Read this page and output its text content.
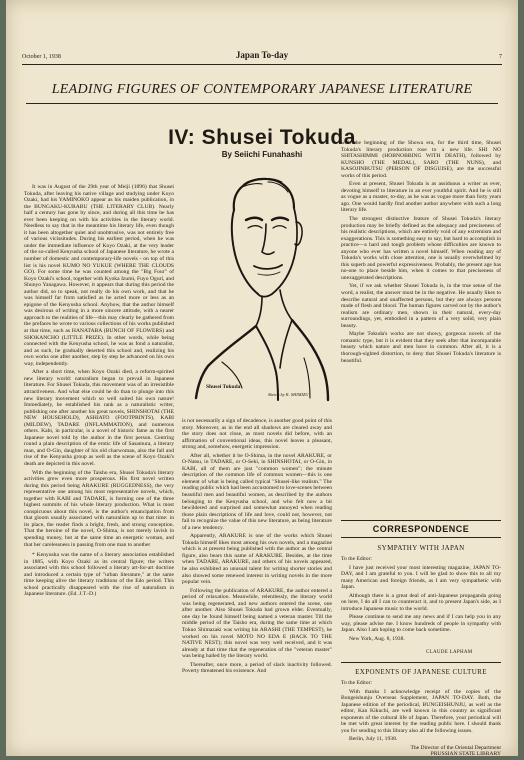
October 1, 1938	Japan To-day	7
LEADING FIGURES OF CONTEMPORARY JAPANESE LITERATURE
IV: Shusei Tokuda
By Seiichi Funahashi

It was in August of the 29th year of Meiji (1896) that Shusei Tokuda, after leaving his native village and studying under Koyo Ozaki, had his YAMINOKO appear as his maiden publication, in the BUNGAKU-KURABU (THE LITERARY CLUB). Nearly half a century has gone by since, and during all this time he has ever been keeping on with his activities in the literary world. Needless to say that in the meantime his literary life, even though it has been altogether quiet and unobtrusive, was not entirely free of various vicissitudes. During his earliest period, when he was under the immediate influence of Koyo Ozaki, at the very leader of the so-called Kenyusha school of Japanese literature, he wrote a number of domestic and contemporary-life novels - on top of this list is his novel KUMO NO YUKUE (WHERE THE CLOUDS GO). For some time he was counted among the "Big Four" of Koyo Ozaki's school, together with Kyoka Izumi, Fuyo Oguri, and Shunyo Yanagawa. However, it appears that during this period the author did, so to speak, not really do his own work, and that he was himself far from satisfied as he acted more or less as an epigone of the Kenyusha school. Anyhow, that the author himself was desirous of writing in a more sincere attitude, with a nearer approach to the realities of life—this may clearly be gathered from the prefaces he wrote to various collections of his works published at that time, such as HANATABA (BUNCH OF FLOWERS) and SHOKANCHO (LITTLE PRIZE). In other words, while being connected with the Kenyusha school, he was as fond a naturalist, and as such, he gradually deserted this school and, realizing his own works one after another, step by step he advanced on his own way, independently.

After a short time, when Koyo Ozaki died, a reform-spirited new literary world: naturalism began to prevail in Japanese literature. For Shusei Tokuda, this movement was of an irresistible attractiveness. And what else could he do than to plunge into this new literary movement which so well suited his own nature! Immediately, he established his rank as a naturalistic writer, publishing one after another his great novels, SHINSHOTAI (THE NEW HOUSEHOLD), ASHIATO (FOOTPRINTS), KABI (MILDEW), TADARE (INFLAMMATION), and numerous others. Kabi, in particular, is a novel of historic fame as the first Japanese novel told by the author in the first person. Centring round a plain description of the erotic life of Sasamura, a literary man, and O-Gin, daughter of his old charwoman, also the fall and rise of the Kenyusha group as well as the scene of Koyo Ozaki's death are depicted in this novel.

With the beginning of the Taisho era, Shusei Tokuda's literary activities grew even more prosperous. His first novel written during this period being ARAKURE (RUGGEDNESS), the very representative one among his most representative novels, which, together with KABI and TADARE, is forming one of the three highest summits of his whole literary production. What is most conspicuous about this novel, is the author's emancipation from that gloom usually associated with naturalism up to that time: in its place, the reader finds a bright, fresh, and strong conception. That the heroine of the novel, O-Shima, is not merely lavish in spending money, but at the same time an energetic woman, and that her carelessness in passing from one man to another

* Kenyusha was the name of a literary association established in 1885, with Koyo Ozaki as its central figure; the writers associated with this school followed a literary art-for-art doctrine and introduced a certain type of "urban literature," at the same time keeping alive the literary traditions of the Edo period. This school practically disappeared with the rise of naturalism in Japanese literature. (Ed. J.T.-D.)

Shusei Tokuda
Sketch by K. SHIMIZU

is not necessarily a sign of decadence, is another good point of this story. Moreover, as in the end all shadows are cleared away and the story does not close, as most novels did before, with an affirmation of conventional ideas, this novel leaves a pleasant, strong and, somehow, energetic impression.

After all, whether it be O-Shima, in the novel ARAKURE, or O-Natsu, in TADARE, or O-Seki, in SHINSHOTAI, or O-Gin, in KABI, all of them are just "common women"; the minute description of the common life of common women—this is one element of what is being called typical "Shusei-like realism." The reading public which had been accustomed to love-scenes between beautiful men and beautiful women, as described by the authors belonging to the Kenyusha school, and who felt now a bit bewildered and surprised and somewhat annoyed when reading those plain descriptions of life and love, could not, however, not fail to recognize the value of this new literature, as being literature of a new tendency.

Apparently, ARAKURE is one of the works which Shusei Tokuda himself likes most among his own novels, and a magazine which is at present being published with the author as the central figure, also bears this name of ARAKURE. Besides, at the time when TADARE, ARAKURE, and others of his novels appeared, he also exhibited an unusual talent for writing shorter stories and also showed some renewed interest in writing novels in the more popular vein.

Following the publication of ARAKURE, the author entered a period of relaxation. Meanwhile, relentlessly, the literary world was being regenerated, and new authors entered the scene, one after another. Also Shusei Tokuda had grown elder. Eventually, one day he found himself being named a veteran master. Till the middle period of the Taisho era, during the same time at which Tokuo Shimazaki was writing his ARASHI (THE TEMPEST), he worked on his novel MOTO NO EDA E (BACK TO THE NATIVE NEST); this novel was very well received, and it was already at that time that the regeneration of the "veteran master" was being hailed by the literary world.

Thereafter, once more, a period of slack inactivity followed. Poverty threatened his existence. And

with the beginning of the Showa era, for the third time, Shusei Tokuda's literary production rose to a new life. SHI NO SHITASHIMMI (HOBNOBBING WITH DEATH), followed by KUNSHO (THE MEDAL), SARO (THE NUNS), and KASOJINBUTSU (PERSON OF DISGUISE), are the successful works of this period.

Even at present, Shusei Tokuda is as assiduous a writer as ever, devoting himself to literature in an ever youthful spirit. And he is still as vogue as a master, to-day, as he was as vogue more than forty years ago. One would hardly find another author anywhere with such a long literary life.

The strongest distinctive feature of Shusei Tokuda's literary production may be briefly defined as the adequacy and preciseness of his realistic descriptions, which are entirely void of any extremism and exaggerations. This is something easy to say, but hard to accomplish in practice—a hard and tough problem whose difficulties are known to anyone who ever has written a novel himself. When reading any of Tokuda's works with close attention, one is usually overwhelmed by this superb and powerful expressiveness. Probably, the present age has no-one to place beside him, when it comes to that preciseness of unexaggerated descriptions.

Yet, if we ask whether Shusei Tokuda is, in the true sense of the word, a realist, the answer must be in the negative. He usually likes to describe natural and unaffected persons, but they are always persons made of flesh and blood. The human figures carved out by the author's realism are ordinary men, shown in their natural, every-day surroundings, yet, embodied in a pattern of a very solid, very plain beauty.

Maybe Tokuda's works are not showy, gorgeous novels of the romantic type, but it is evident that they seek after that incomparable beauty which nature and men have in common. After all, it is a thorough-sighted distortion, to deny that Shusei Tokuda's literature is beautiful.

CORRESPONDENCE
SYMPATHY WITH JAPAN

To the Editor:

I have just received your most interesting magazine, JAPAN TO-DAY, and I am grateful to you. I will be glad to show this to all my many American and foreign friends, as I am very sympathetic with Japan.

Although there is a great deal of anti-Japanese propaganda going on here, I do all I can to counteract it, and to present Japan's side, as I introduce Japanese music to the world.

Please continue to send me any news and if I can help you in any way, please advise me. I know hundreds of people in sympathy with Japan. Also I am hoping to come back sometime.

New York, Aug. 8, 1938.

CLAUDE LAPHAM
EXPONENTS OF JAPANESE CULTURE

To the Editor:

With thanks I acknowledge receipt of the copies of the Bungeishunju Overseas Supplement, JAPAN TO-DAY. Both, the Japanese edition of the periodical, BUNGEISHUNJU, as well as the editor, Kan Kikuchi, are well known in this country as significant exponents of the cultural life of Japan. Therefore, your periodical will be met with great interest by the reading public here. I should thank you for sending to this library also all the following issues.

Berlin, July 11, 1938.

The Director of the Oriental Department

PRUSSIAN STATE LIBRARY
